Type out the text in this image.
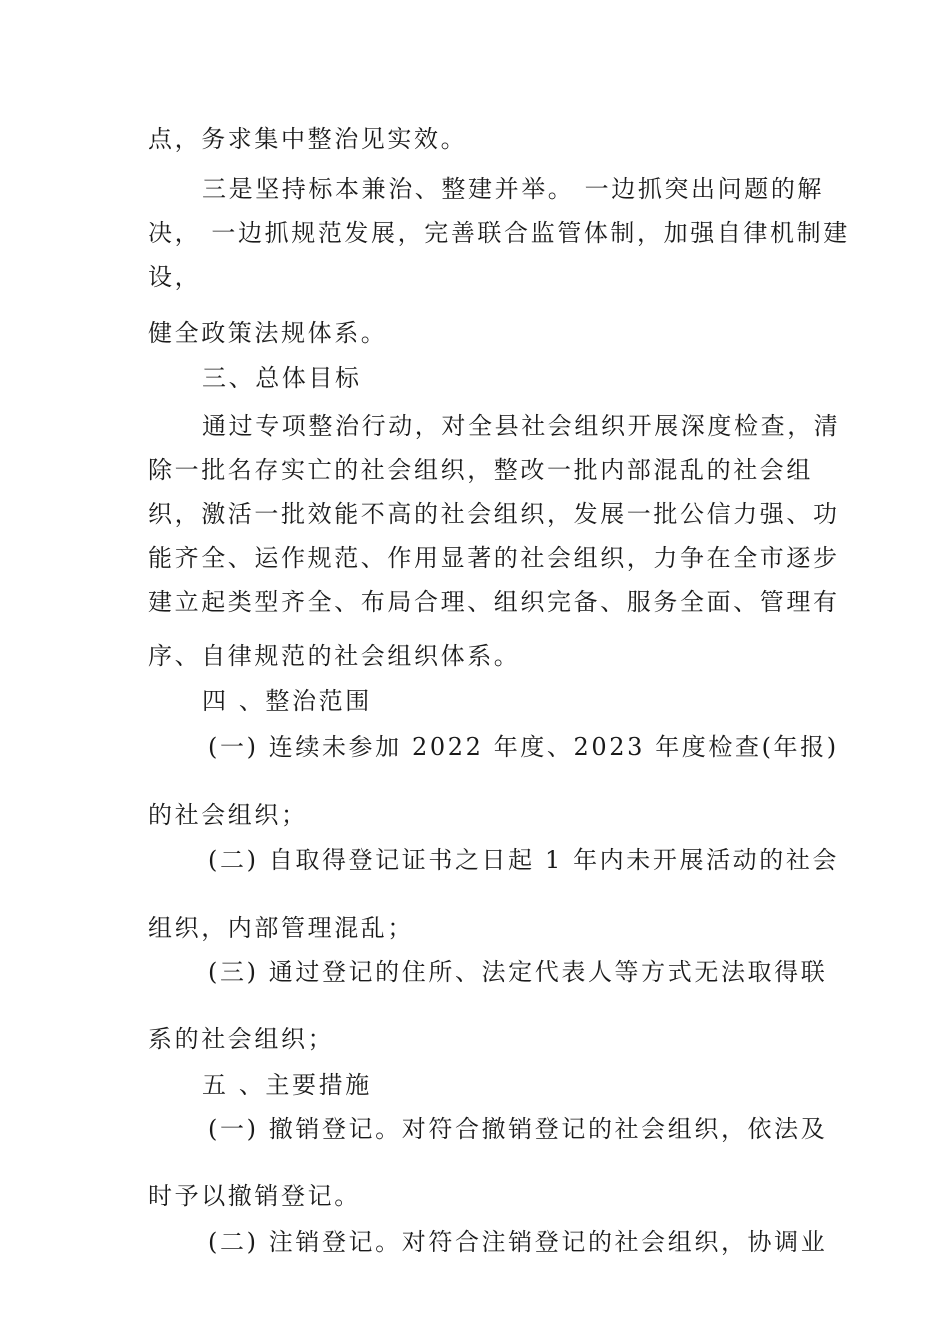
点，务求集中整治见实效。
三是坚持标本兼治、整建并举。 一边抓突出问题的解
决， 一边抓规范发展，完善联合监管体制，加强自律机制建
设，
健全政策法规体系。
三、总体目标
通过专项整治行动，对全县社会组织开展深度检查，清
除一批名存实亡的社会组织，整改一批内部混乱的社会组
织，激活一批效能不高的社会组织，发展一批公信力强、功
能齐全、运作规范、作用显著的社会组织，力争在全市逐步
建立起类型齐全、布局合理、组织完备、服务全面、管理有
序、自律规范的社会组织体系。
四 、整治范围
(一) 连续未参加 2022 年度、2023 年度检查(年报)
的社会组织；
(二) 自取得登记证书之日起 1 年内未开展活动的社会
组织，内部管理混乱；
(三) 通过登记的住所、法定代表人等方式无法取得联
系的社会组织；
五 、主要措施
(一) 撤销登记。对符合撤销登记的社会组织，依法及
时予以撤销登记。
(二) 注销登记。对符合注销登记的社会组织，协调业
